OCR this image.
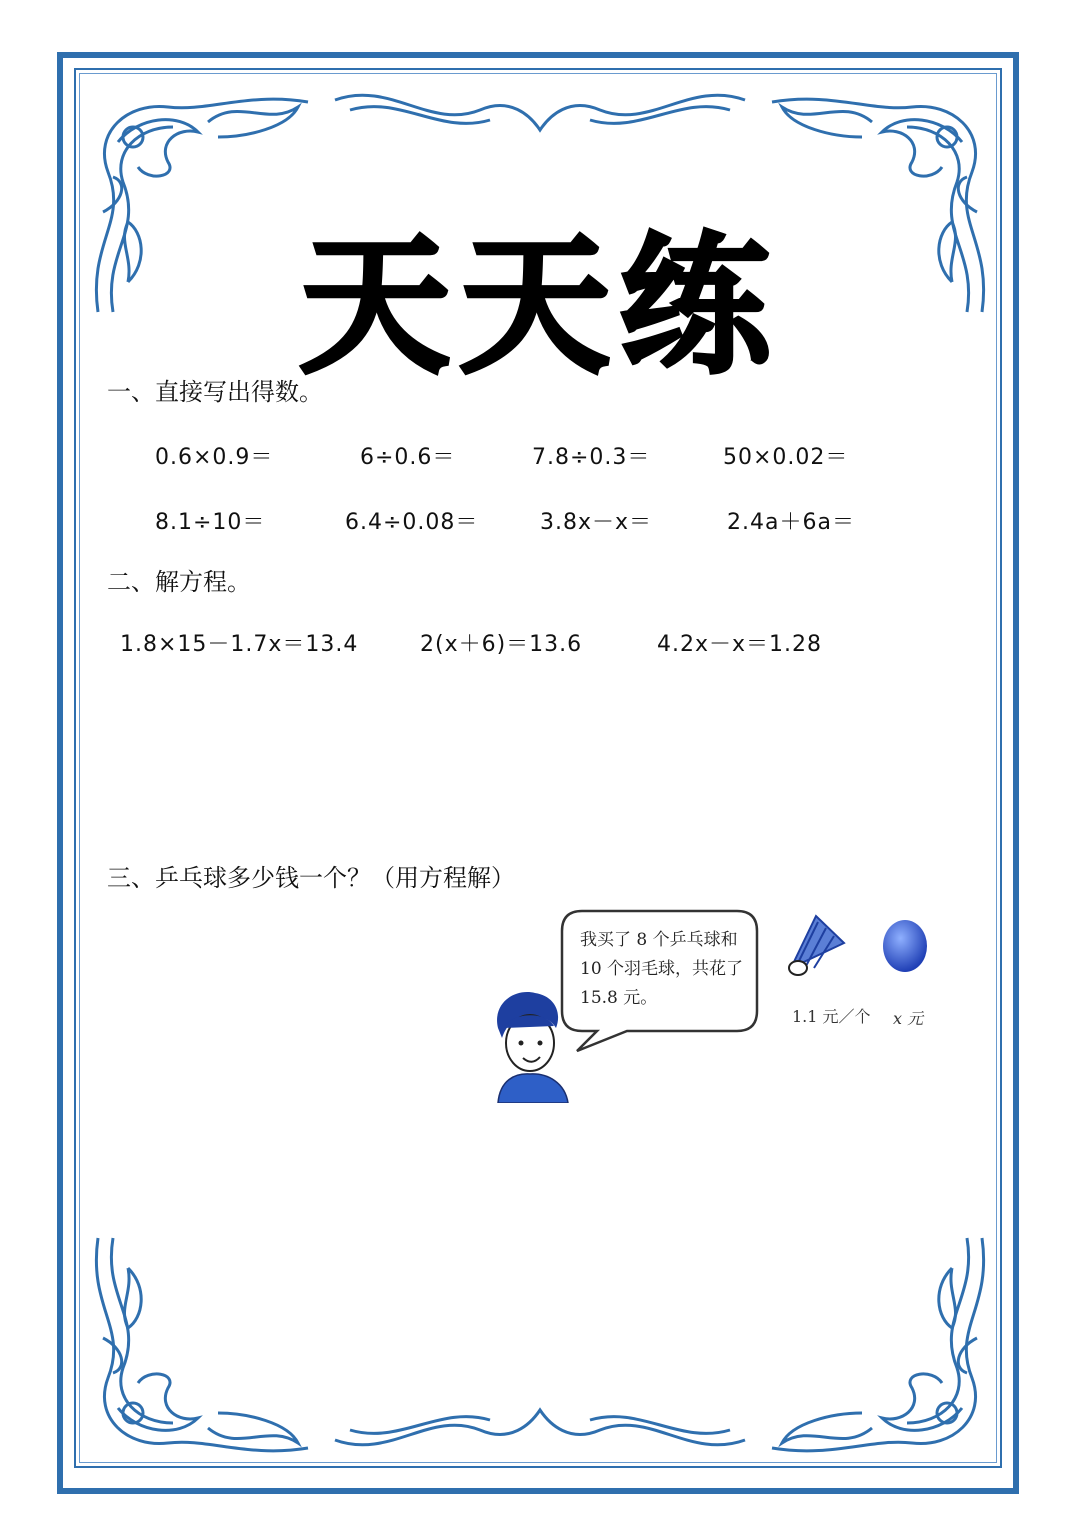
天天练
一、直接写出得数。
0.6×0.9＝	6÷0.6＝	7.8÷0.3＝	50×0.02＝
8.1÷10＝	6.4÷0.08＝	3.8x－x＝	2.4a＋6a＝
二、解方程。
1.8×15－1.7x＝13.4	2(x＋6)＝13.6	4.2x－x＝1.28
三、乒乓球多少钱一个？（用方程解）
我买了 8 个乒乓球和
10 个羽毛球，共花了
15.8 元。
1.1 元／个 x 元
